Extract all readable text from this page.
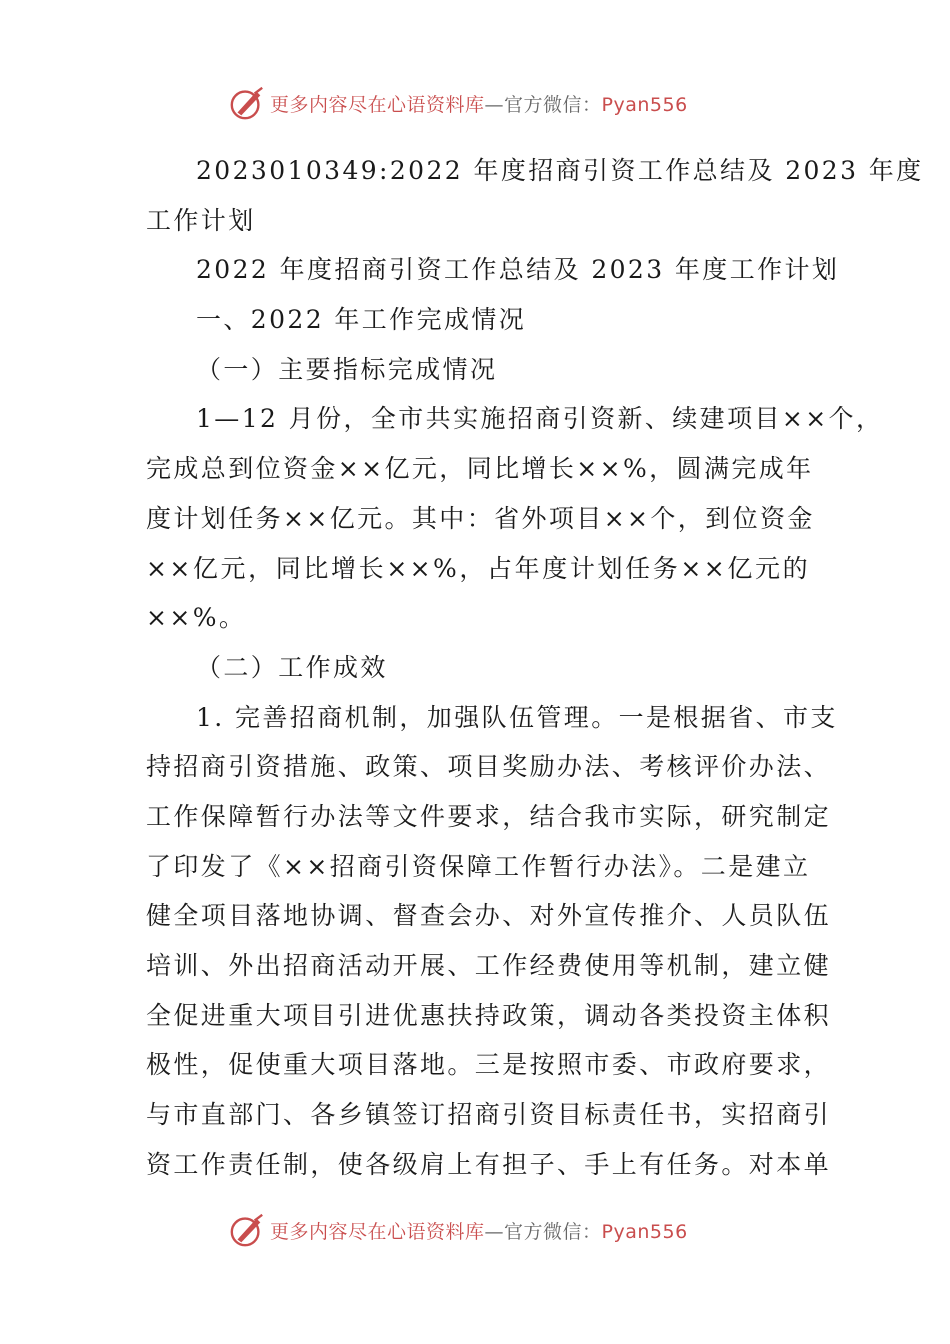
更多内容尽在心语资料库—官方微信：Pyan556
2023010349:2022 年度招商引资工作总结及 2023 年度
工作计划
2022 年度招商引资工作总结及 2023 年度工作计划
一、2022 年工作完成情况
（一）主要指标完成情况
1—12 月份，全市共实施招商引资新、续建项目××个，
完成总到位资金××亿元，同比增长××%，圆满完成年
度计划任务××亿元。其中：省外项目××个，到位资金
××亿元，同比增长××%，占年度计划任务××亿元的
××%。
（二）工作成效
1. 完善招商机制，加强队伍管理。一是根据省、市支
持招商引资措施、政策、项目奖励办法、考核评价办法、
工作保障暂行办法等文件要求，结合我市实际，研究制定
了印发了《××招商引资保障工作暂行办法》。二是建立
健全项目落地协调、督查会办、对外宣传推介、人员队伍
培训、外出招商活动开展、工作经费使用等机制，建立健
全促进重大项目引进优惠扶持政策，调动各类投资主体积
极性，促使重大项目落地。三是按照市委、市政府要求，
与市直部门、各乡镇签订招商引资目标责任书，实招商引
资工作责任制，使各级肩上有担子、手上有任务。对本单
更多内容尽在心语资料库—官方微信：Pyan556
